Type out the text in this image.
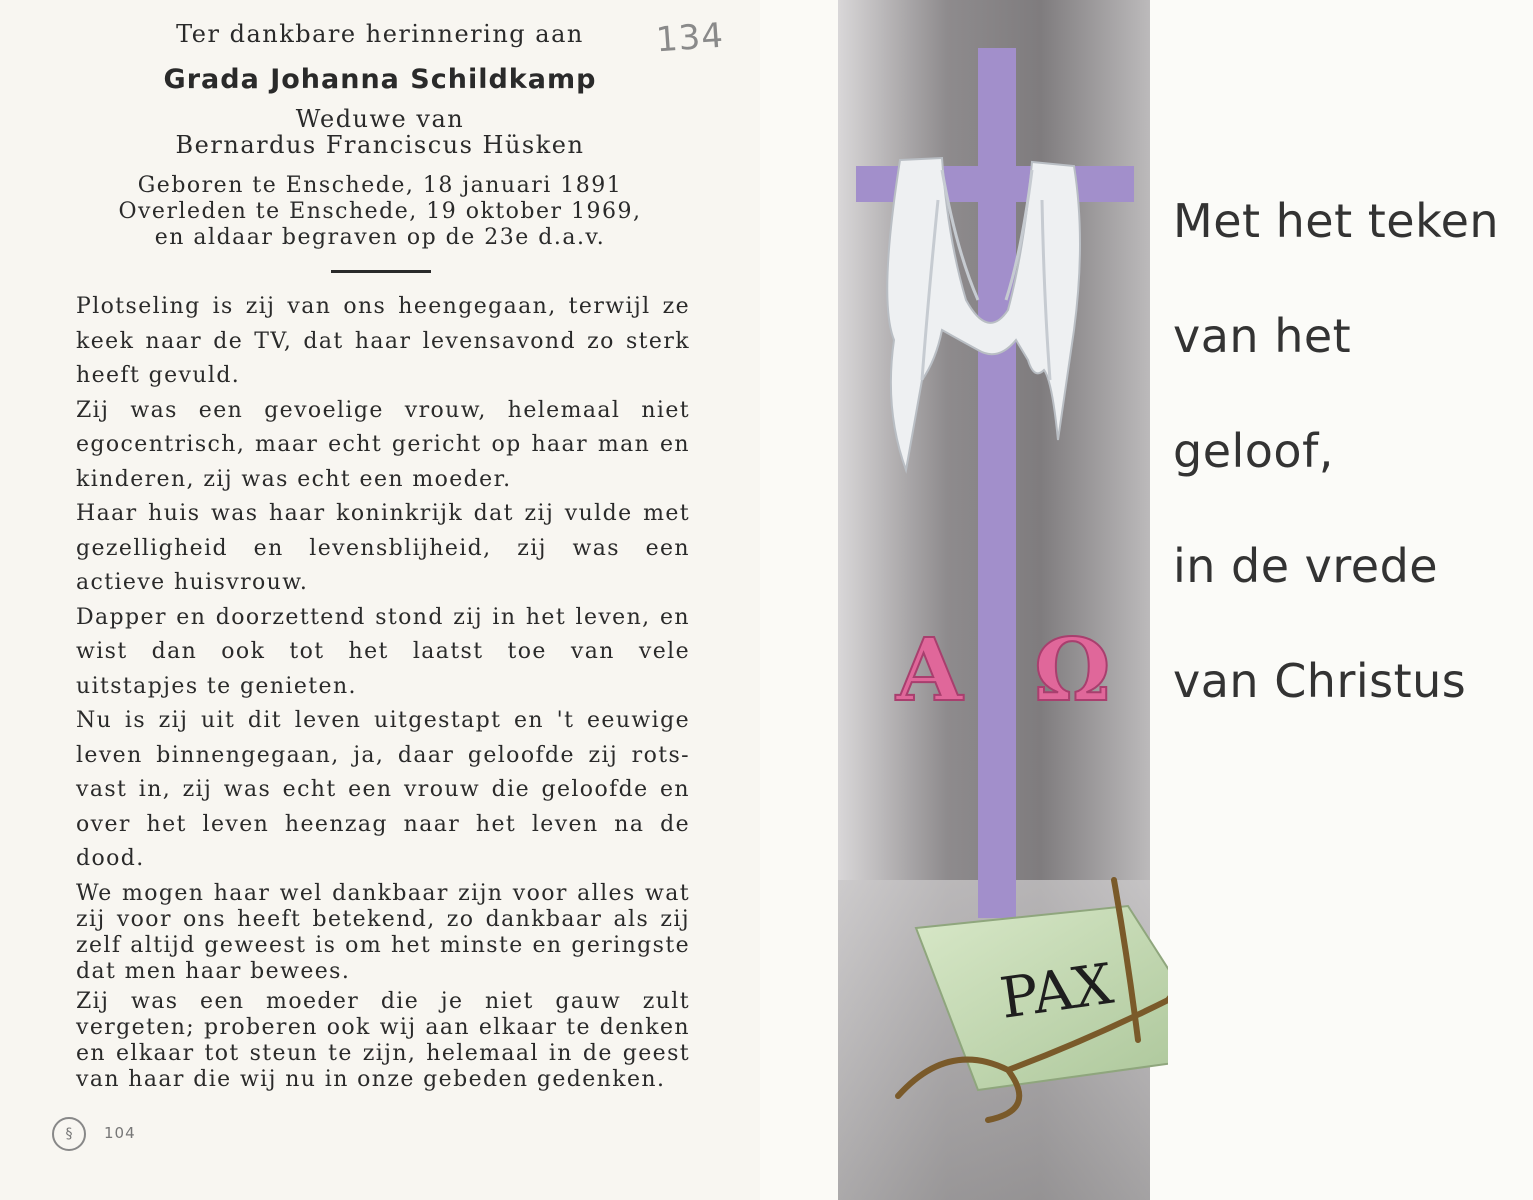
134
Ter dankbare herinnering aan
Grada Johanna Schildkamp
Weduwe van
Bernardus Franciscus Hüsken
Geboren te Enschede, 18 januari 1891
Overleden te Enschede, 19 oktober 1969,
en aldaar begraven op de 23e d.a.v.

Plotseling is zij van ons heengegaan, terwijl ze keek naar de TV, dat haar levensavond zo sterk heeft gevuld.

Zij was een gevoelige vrouw, helemaal niet egocentrisch, maar echt gericht op haar man en kinderen, zij was echt een moeder.

Haar huis was haar koninkrijk dat zij vulde met gezelligheid en levensblijheid, zij was een actieve huisvrouw.

Dapper en doorzettend stond zij in het leven, en wist dan ook tot het laatst toe van vele uitstapjes te genieten.

Nu is zij uit dit leven uitgestapt en 't eeuwige leven binnengegaan, ja, daar geloofde zij rots-vast in, zij was echt een vrouw die geloofde en over het leven heenzag naar het leven na de dood.

We mogen haar wel dankbaar zijn voor alles wat zij voor ons heeft betekend, zo dankbaar als zij zelf altijd geweest is om het minste en geringste dat men haar bewees.

Zij was een moeder die je niet gauw zult vergeten; proberen ook wij aan elkaar te denken en elkaar tot steun te zijn, helemaal in de geest van haar die wij nu in onze gebeden gedenken.

§	104
A Ω
PAX
Met het teken
van het
geloof,
in de vrede
van Christus
